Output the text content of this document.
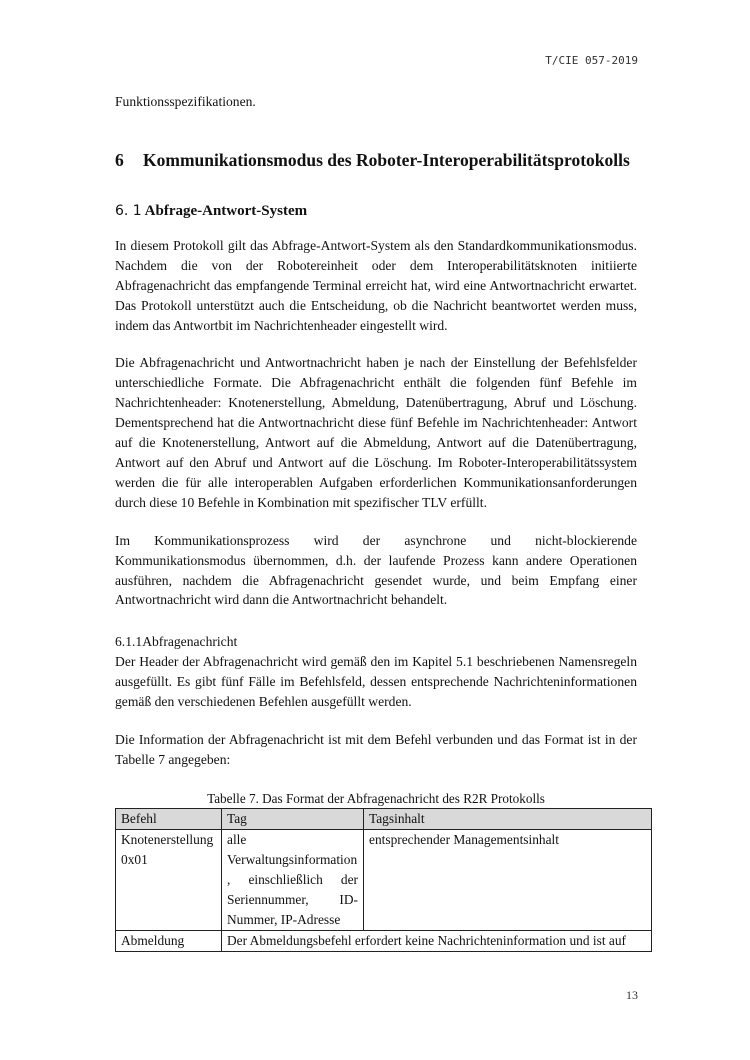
T/CIE 057-2019

Funktionsspezifikationen.

6 Kommunikationsmodus des Roboter-Interoperabilitätsprotokolls
6. 1 Abfrage-Antwort-System

In diesem Protokoll gilt das Abfrage-Antwort-System als den Standardkommunikationsmodus. Nachdem die von der Robotereinheit oder dem Interoperabilitätsknoten initiierte Abfragenachricht das empfangende Terminal erreicht hat, wird eine Antwortnachricht erwartet. Das Protokoll unterstützt auch die Entscheidung, ob die Nachricht beantwortet werden muss, indem das Antwortbit im Nachrichtenheader eingestellt wird.

Die Abfragenachricht und Antwortnachricht haben je nach der Einstellung der Befehlsfelder unterschiedliche Formate. Die Abfragenachricht enthält die folgenden fünf Befehle im Nachrichtenheader: Knotenerstellung, Abmeldung, Datenübertragung, Abruf und Löschung. Dementsprechend hat die Antwortnachricht diese fünf Befehle im Nachrichtenheader: Antwort auf die Knotenerstellung, Antwort auf die Abmeldung, Antwort auf die Datenübertragung, Antwort auf den Abruf und Antwort auf die Löschung. Im Roboter-Interoperabilitätssystem werden die für alle interoperablen Aufgaben erforderlichen Kommunikationsanforderungen durch diese 10 Befehle in Kombination mit spezifischer TLV erfüllt.

Im Kommunikationsprozess wird der asynchrone und nicht-blockierende Kommunikationsmodus übernommen, d.h. der laufende Prozess kann andere Operationen ausführen, nachdem die Abfragenachricht gesendet wurde, und beim Empfang einer Antwortnachricht wird dann die Antwortnachricht behandelt.

6.1.1Abfragenachricht

Der Header der Abfragenachricht wird gemäß den im Kapitel 5.1 beschriebenen Namensregeln ausgefüllt. Es gibt fünf Fälle im Befehlsfeld, dessen entsprechende Nachrichteninformationen gemäß den verschiedenen Befehlen ausgefüllt werden.

Die Information der Abfragenachricht ist mit dem Befehl verbunden und das Format ist in der Tabelle 7 angegeben:

Tabelle 7. Das Format der Abfragenachricht des R2R Protokolls
Befehl	Tag	Tagsinhalt

Knotenerstellung
0x01	alle Verwaltungsinformation , einschließlich der Seriennummer, ID-Nummer, IP-Adresse	entsprechender Managementsinhalt
Abmeldung	Der Abmeldungsbefehl erfordert keine Nachrichteninformation und ist auf	
13
